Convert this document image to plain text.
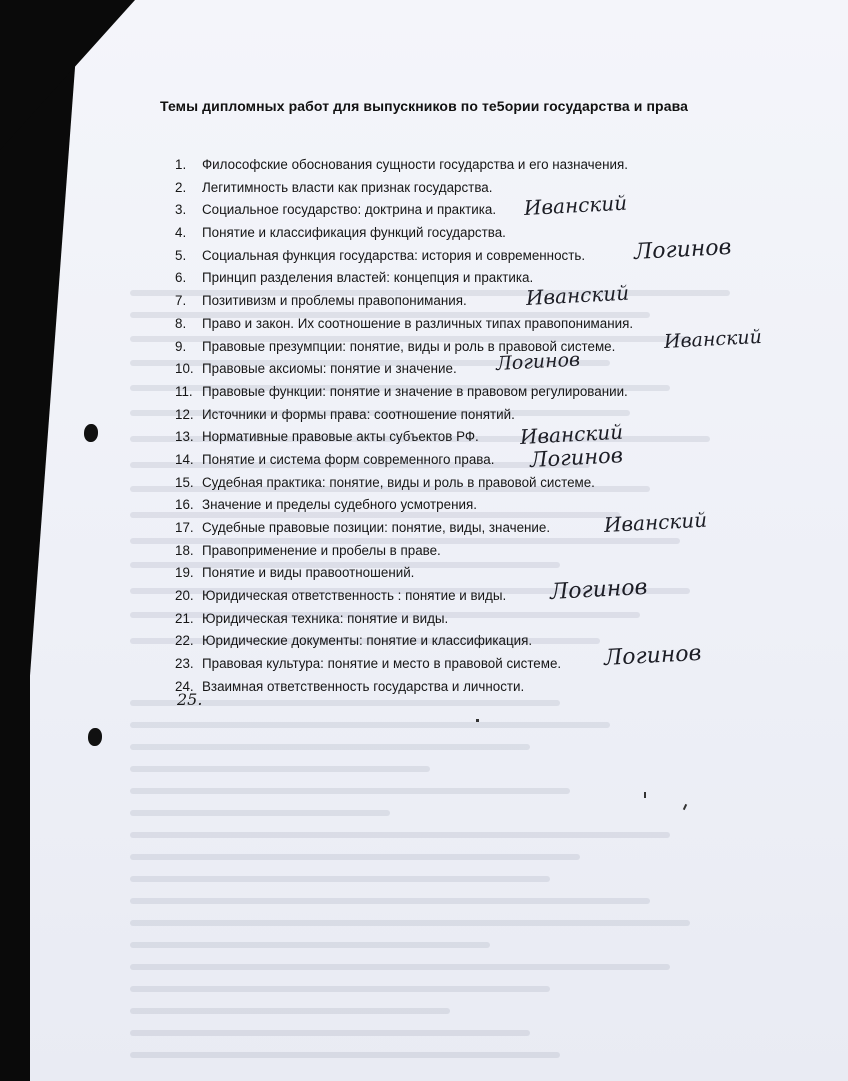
Темы дипломных работ для выпускников по те5ории государства и права
1. Философские обоснования сущности государства и его назначения.
2. Легитимность власти как признак государства.
3. Социальное государство: доктрина и практика.
4. Понятие и классификация функций государства.
5. Социальная функция государства: история и современность.
6. Принцип разделения властей: концепция и практика.
7. Позитивизм и проблемы правопонимания.
8. Право и закон. Их соотношение в различных типах правопонимания.
9. Правовые презумпции: понятие, виды и роль в правовой системе.
10. Правовые аксиомы: понятие и значение.
11. Правовые функции: понятие и значение в правовом регулировании.
12. Источники и формы права: соотношение понятий.
13. Нормативные правовые акты субъектов РФ.
14. Понятие и система форм современного права.
15. Судебная практика: понятие, виды и роль в правовой системе.
16. Значение и пределы судебного усмотрения.
17. Судебные правовые позиции: понятие, виды, значение.
18. Правоприменение и пробелы в праве.
19. Понятие и виды правоотношений.
20. Юридическая ответственность : понятие и виды.
21. Юридическая техника: понятие и виды.
22. Юридические документы: понятие и классификация.
23. Правовая культура: понятие и место в правовой системе.
24. Взаимная ответственность государства и личности.
25.
Иванский
Логинов
Иванский
Иванский
Логинов
Иванский
Логинов
Иванский
Логинов
Логинов
